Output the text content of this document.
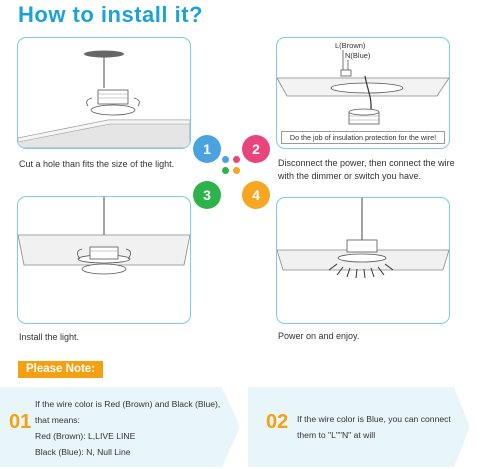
How to install it?
Cut a hole than fits the size of the light.
L(Brown)
N(Blue)
Do the job of insulation protection for the wire!
Disconnect the power, then connect the wire
with the dimmer or switch you have.
1	2
3	4
Install the light.	Power on and enjoy.
Please Note:
01
If the wire color is Red (Brown) and Black (Blue),
that means:
Red (Brown): L,LIVE LINE
Black (Blue): N, Null Line
02 If the wire color is Blue, you can connect
them to "L""N" at will
